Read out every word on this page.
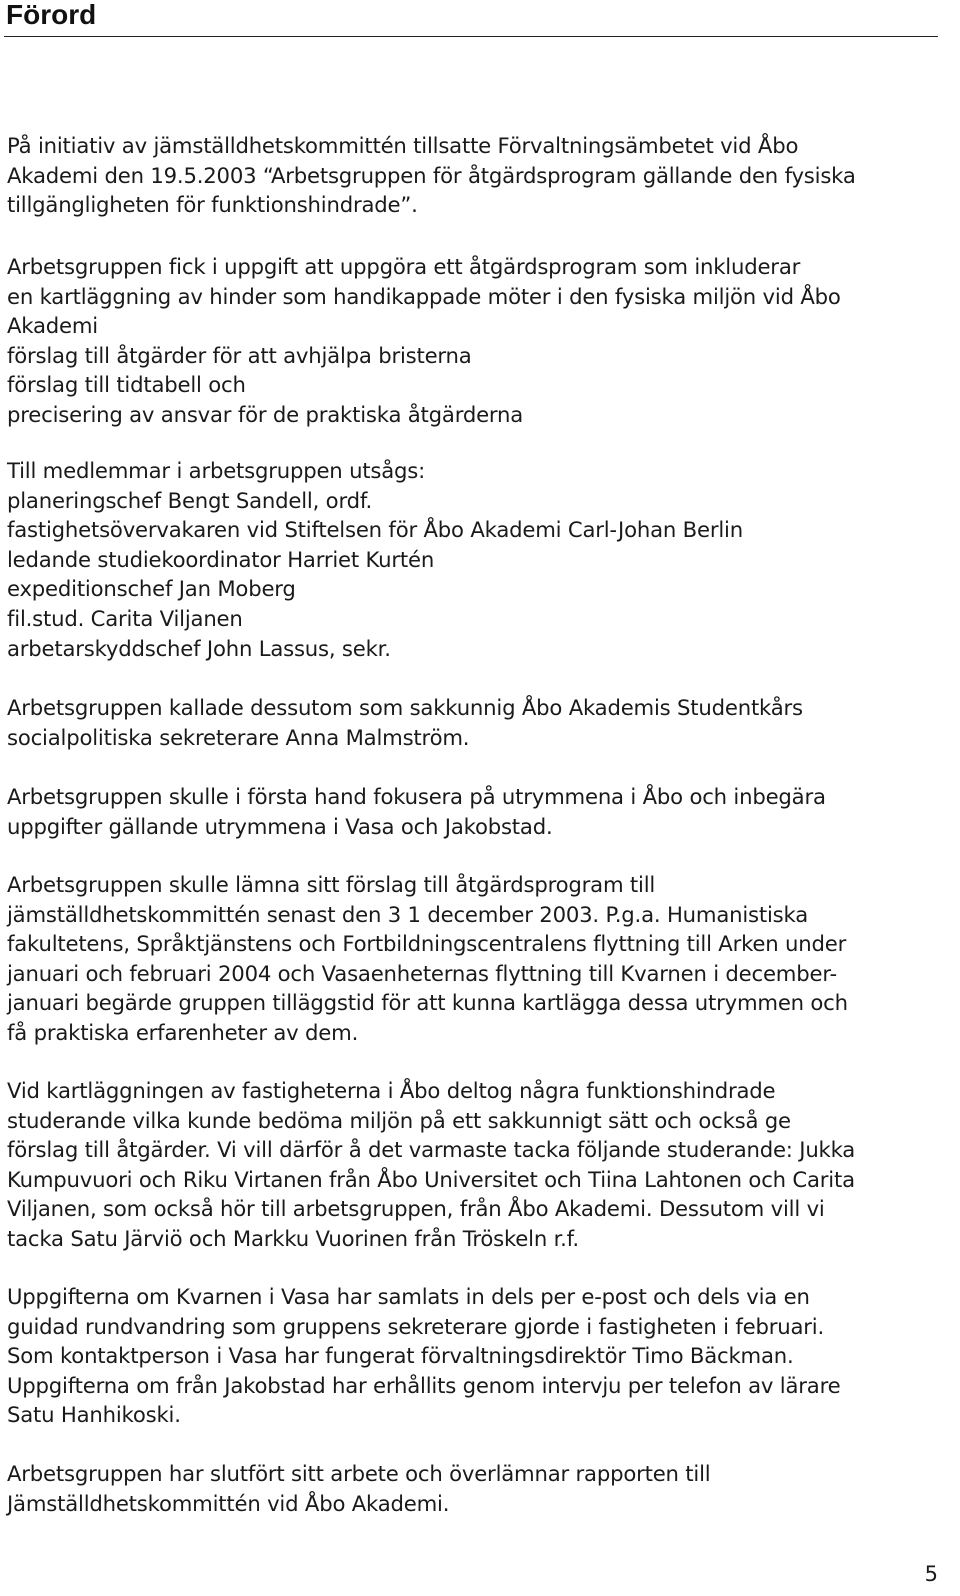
Förord
På initiativ av jämställdhetskommittén tillsatte Förvaltningsämbetet vid Åbo
Akademi den 19.5.2003 “Arbetsgruppen för åtgärdsprogram gällande den fysiska
tillgängligheten för funktionshindrade”.
Arbetsgruppen fick i uppgift att uppgöra ett åtgärdsprogram som inkluderar
en kartläggning av hinder som handikappade möter i den fysiska miljön vid Åbo
Akademi
förslag till åtgärder för att avhjälpa bristerna
förslag till tidtabell och
precisering av ansvar för de praktiska åtgärderna
Till medlemmar i arbetsgruppen utsågs:
planeringschef Bengt Sandell, ordf.
fastighetsövervakaren vid Stiftelsen för Åbo Akademi Carl-Johan Berlin
ledande studiekoordinator Harriet Kurtén
expeditionschef Jan Moberg
fil.stud. Carita Viljanen
arbetarskyddschef John Lassus, sekr.
Arbetsgruppen kallade dessutom som sakkunnig Åbo Akademis Studentkårs
socialpolitiska sekreterare Anna Malmström.
Arbetsgruppen skulle i första hand fokusera på utrymmena i Åbo och inbegära
uppgifter gällande utrymmena i Vasa och Jakobstad.
Arbetsgruppen skulle lämna sitt förslag till åtgärdsprogram till
jämställdhetskommittén senast den 3 1 december 2003. P.g.a. Humanistiska
fakultetens, Språktjänstens och Fortbildningscentralens flyttning till Arken under
januari och februari 2004 och Vasaenheternas flyttning till Kvarnen i december-
januari begärde gruppen tilläggstid för att kunna kartlägga dessa utrymmen och
få praktiska erfarenheter av dem.
Vid kartläggningen av fastigheterna i Åbo deltog några funktionshindrade
studerande vilka kunde bedöma miljön på ett sakkunnigt sätt och också ge
förslag till åtgärder. Vi vill därför å det varmaste tacka följande studerande: Jukka
Kumpuvuori och Riku Virtanen från Åbo Universitet och Tiina Lahtonen och Carita
Viljanen, som också hör till arbetsgruppen, från Åbo Akademi. Dessutom vill vi
tacka Satu Järviö och Markku Vuorinen från Tröskeln r.f.
Uppgifterna om Kvarnen i Vasa har samlats in dels per e-post och dels via en
guidad rundvandring som gruppens sekreterare gjorde i fastigheten i februari.
Som kontaktperson i Vasa har fungerat förvaltningsdirektör Timo Bäckman.
Uppgifterna om från Jakobstad har erhållits genom intervju per telefon av lärare
Satu Hanhikoski.
Arbetsgruppen har slutfört sitt arbete och överlämnar rapporten till
Jämställdhetskommittén vid Åbo Akademi.
5
